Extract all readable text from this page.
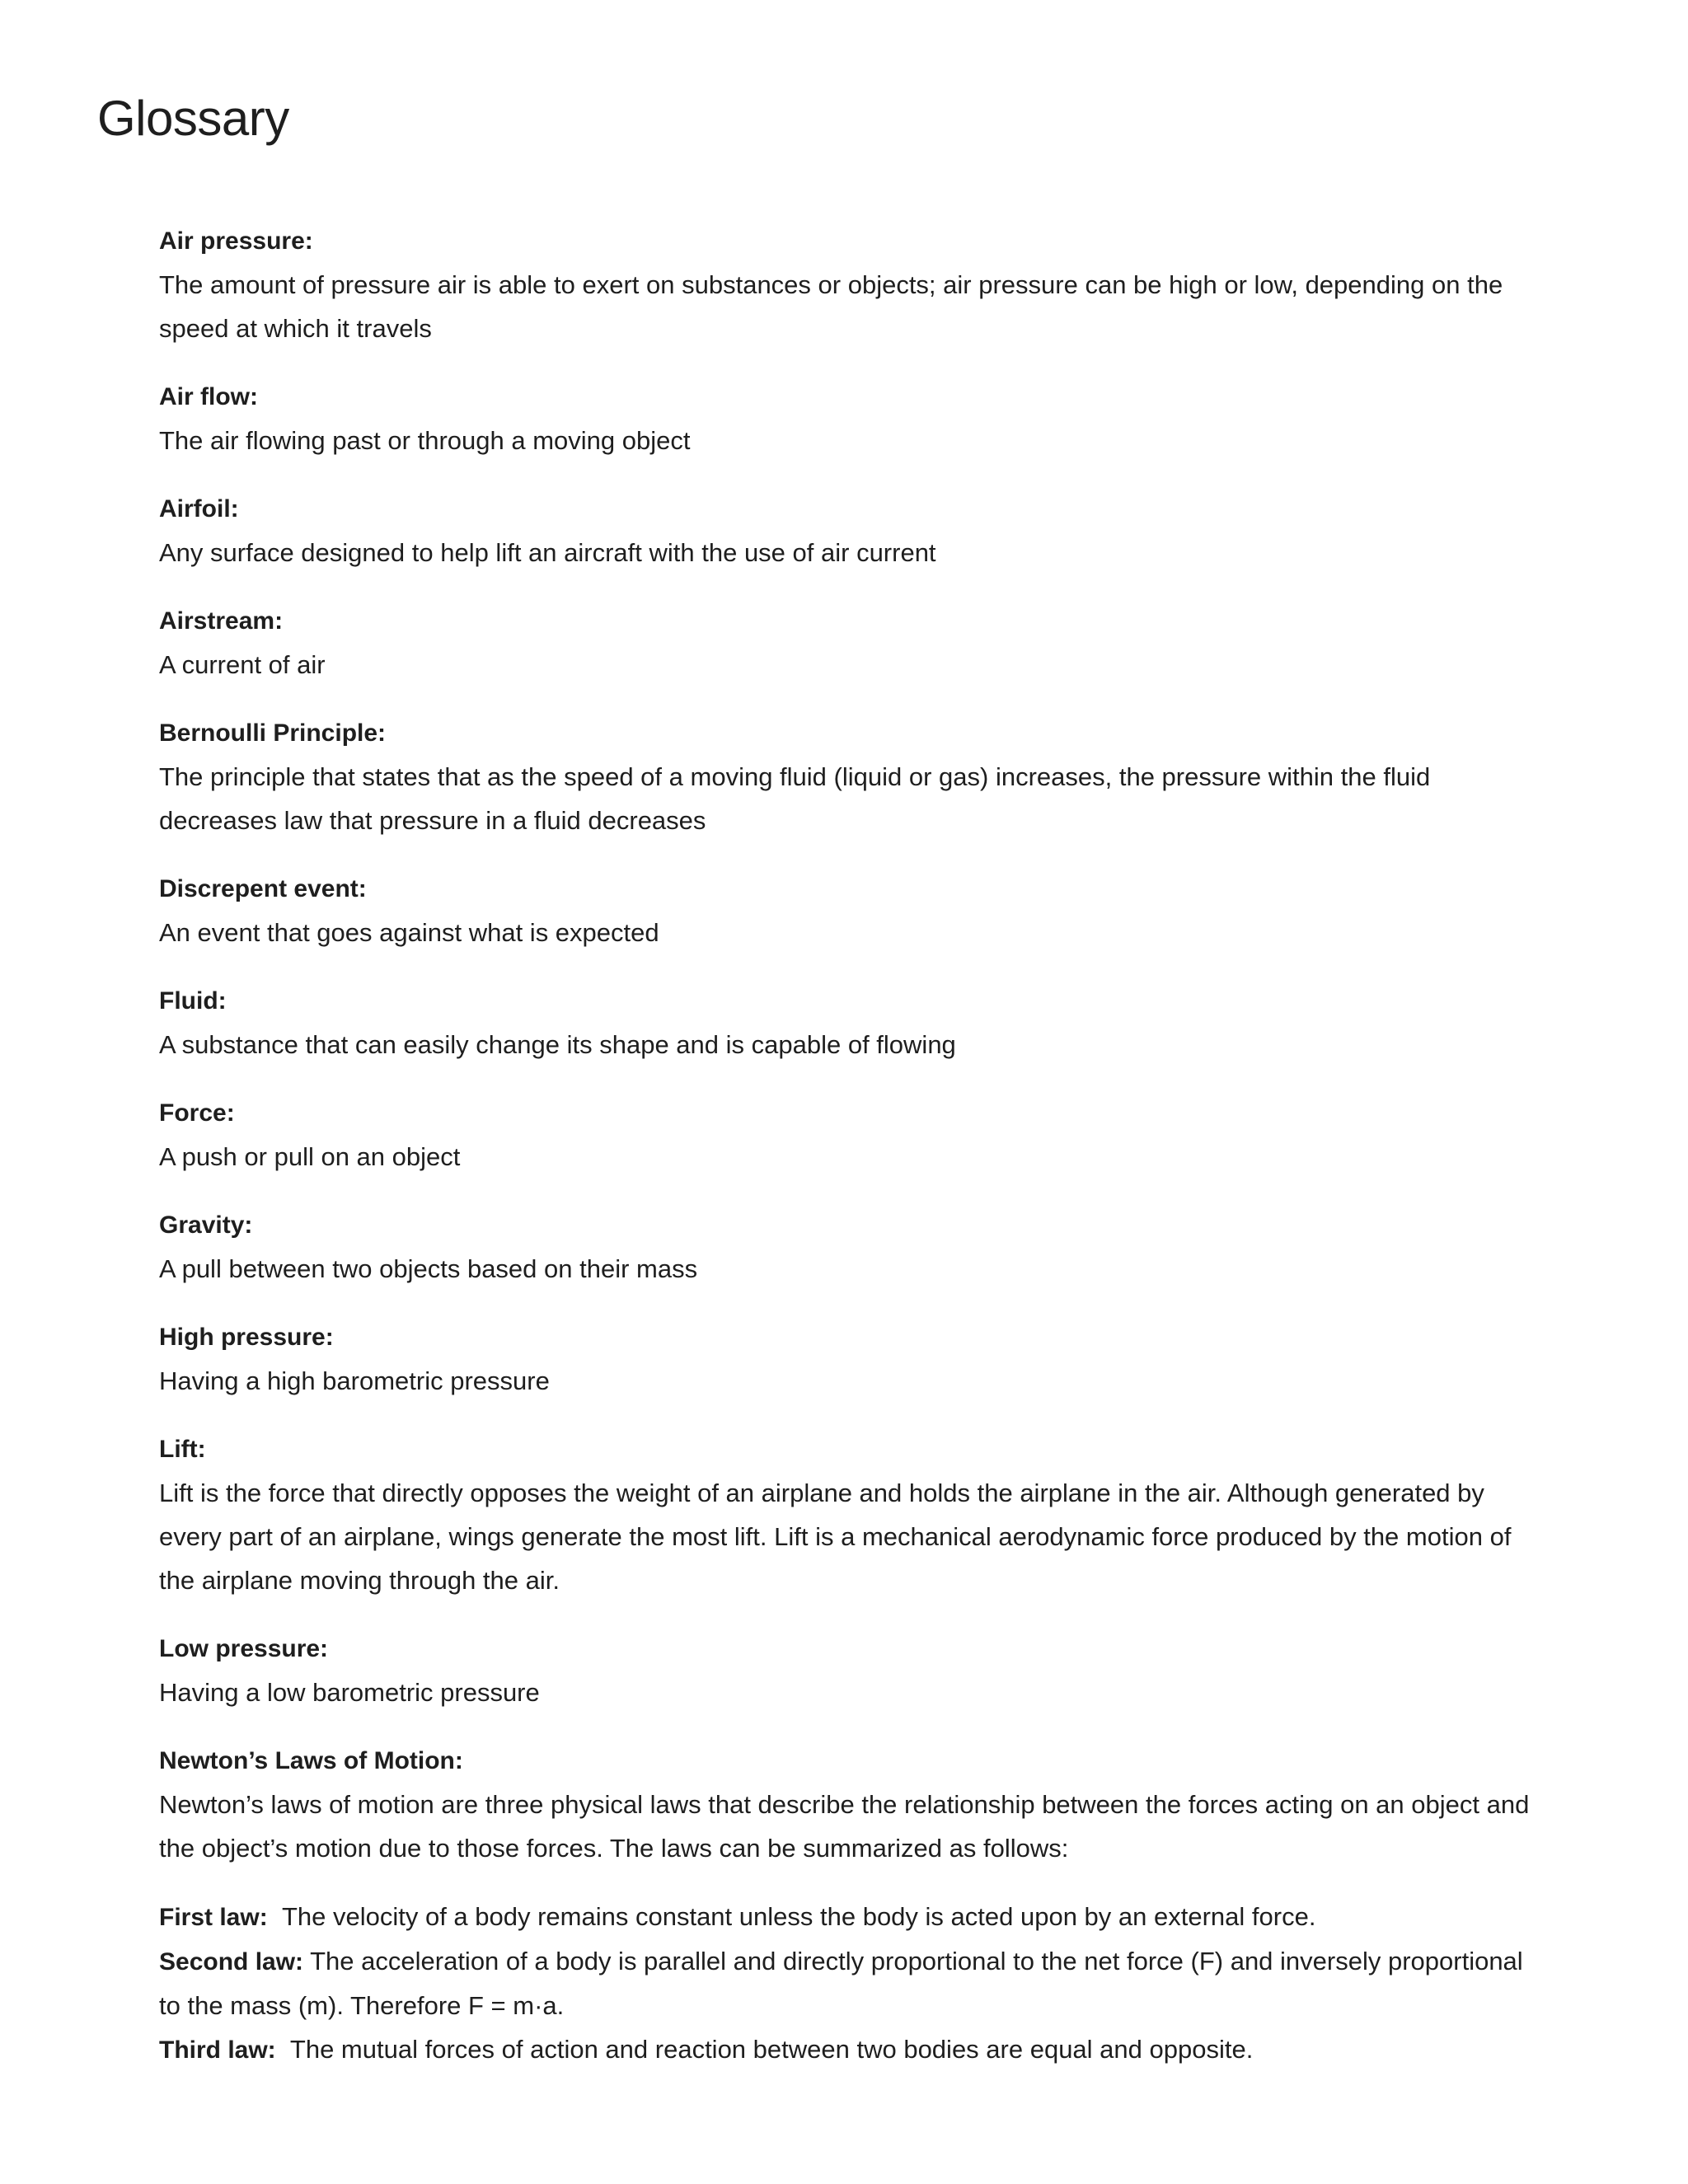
Glossary
Air pressure:
The amount of pressure air is able to exert on substances or objects; air pressure can be high or low, depending on the speed at which it travels
Air flow:
The air flowing past or through a moving object
Airfoil:
Any surface designed to help lift an aircraft with the use of air current
Airstream:
A current of air
Bernoulli Principle:
The principle that states that as the speed of a moving fluid (liquid or gas) increases, the pressure within the fluid decreases law that pressure in a fluid decreases
Discrepent event:
An event that goes against what is expected
Fluid:
A substance that can easily change its shape and is capable of flowing
Force:
A push or pull on an object
Gravity:
A pull between two objects based on their mass
High pressure:
Having a high barometric pressure
Lift:
Lift is the force that directly opposes the weight of an airplane and holds the airplane in the air. Although generated by every part of an airplane, wings generate the most lift. Lift is a mechanical aerodynamic force produced by the motion of the airplane moving through the air.
Low pressure:
Having a low barometric pressure
Newton’s Laws of Motion:
Newton’s laws of motion are three physical laws that describe the relationship between the forces acting on an object and the object’s motion due to those forces. The laws can be summarized as follows:
First law: The velocity of a body remains constant unless the body is acted upon by an external force.
Second law: The acceleration of a body is parallel and directly proportional to the net force (F) and inversely proportional to the mass (m). Therefore F = m·a.
Third law: The mutual forces of action and reaction between two bodies are equal and opposite.
